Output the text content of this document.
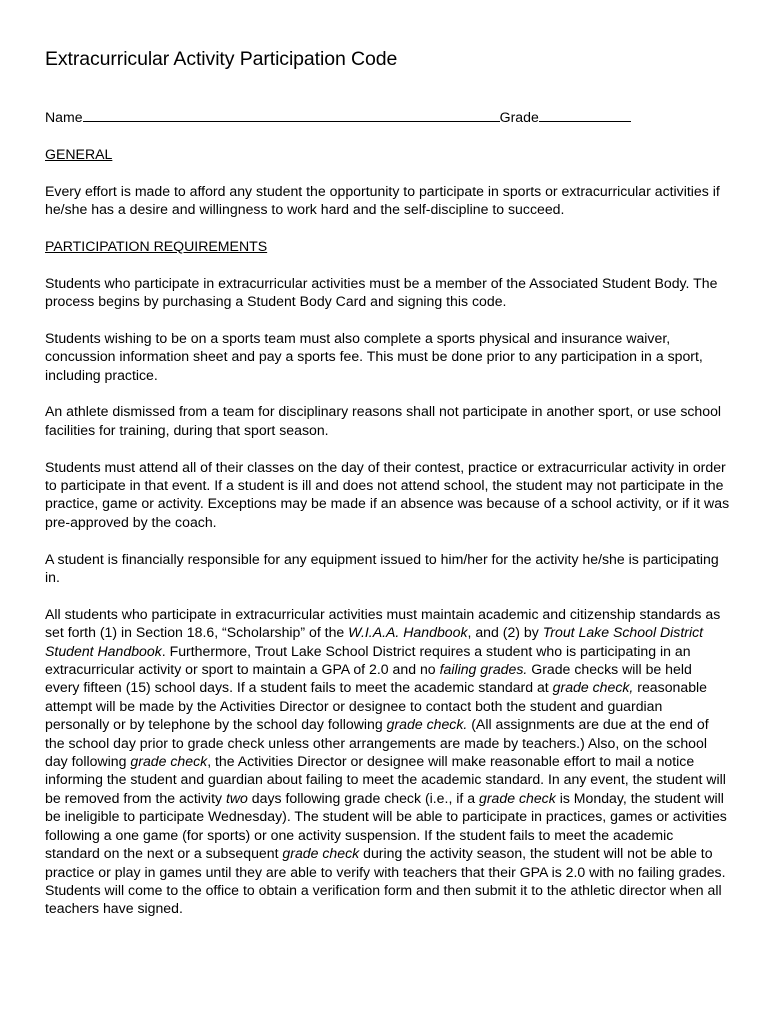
Extracurricular Activity Participation Code

Name	Grade

GENERAL

Every effort is made to afford any student the opportunity to participate in sports or extracurricular activities if he/she has a desire and willingness to work hard and the self-discipline to succeed.

PARTICIPATION REQUIREMENTS

Students who participate in extracurricular activities must be a member of the Associated Student Body. The process begins by purchasing a Student Body Card and signing this code.

Students wishing to be on a sports team must also complete a sports physical and insurance waiver, concussion information sheet and pay a sports fee. This must be done prior to any participation in a sport, including practice.

An athlete dismissed from a team for disciplinary reasons shall not participate in another sport, or use school facilities for training, during that sport season.

Students must attend all of their classes on the day of their contest, practice or extracurricular activity in order to participate in that event. If a student is ill and does not attend school, the student may not participate in the practice, game or activity. Exceptions may be made if an absence was because of a school activity, or if it was pre-approved by the coach.

A student is financially responsible for any equipment issued to him/her for the activity he/she is participating in.

All students who participate in extracurricular activities must maintain academic and citizenship standards as set forth (1) in Section 18.6, “Scholarship” of the W.I.A.A. Handbook, and (2) by Trout Lake School District Student Handbook. Furthermore, Trout Lake School District requires a student who is participating in an extracurricular activity or sport to maintain a GPA of 2.0 and no failing grades. Grade checks will be held every fifteen (15) school days. If a student fails to meet the academic standard at grade check, reasonable attempt will be made by the Activities Director or designee to contact both the student and guardian personally or by telephone by the school day following grade check. (All assignments are due at the end of the school day prior to grade check unless other arrangements are made by teachers.) Also, on the school day following grade check, the Activities Director or designee will make reasonable effort to mail a notice informing the student and guardian about failing to meet the academic standard. In any event, the student will be removed from the activity two days following grade check (i.e., if a grade check is Monday, the student will be ineligible to participate Wednesday). The student will be able to participate in practices, games or activities following a one game (for sports) or one activity suspension. If the student fails to meet the academic standard on the next or a subsequent grade check during the activity season, the student will not be able to practice or play in games until they are able to verify with teachers that their GPA is 2.0 with no failing grades. Students will come to the office to obtain a verification form and then submit it to the athletic director when all teachers have signed.
